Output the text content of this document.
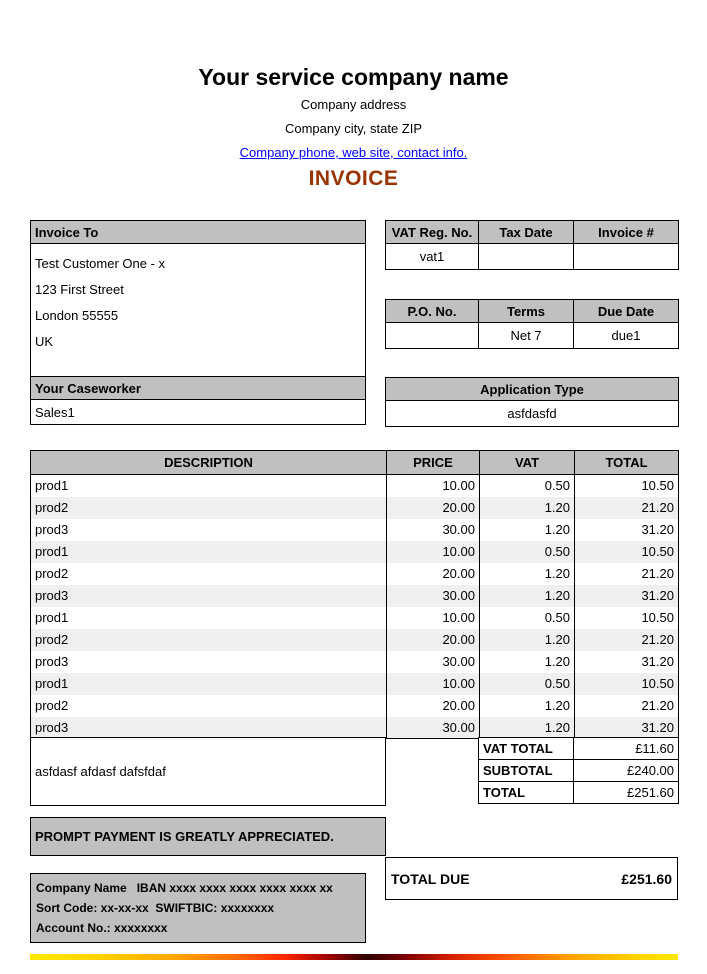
Your service company name
Company address
Company city, state ZIP
Company phone, web site, contact info.
INVOICE
Invoice To
Test Customer One - x
123 First Street
London 55555
UK
Your Caseworker
Sales1
VAT Reg. No.	Tax Date	Invoice #
vat1		
P.O. No.	Terms	Due Date
	Net 7	due1
Application Type
asfdasfd
DESCRIPTION	PRICE	VAT	TOTAL
prod1	10.00	0.50	10.50
prod2	20.00	1.20	21.20
prod3	30.00	1.20	31.20
prod1	10.00	0.50	10.50
prod2	20.00	1.20	21.20
prod3	30.00	1.20	31.20
prod1	10.00	0.50	10.50
prod2	20.00	1.20	21.20
prod3	30.00	1.20	31.20
prod1	10.00	0.50	10.50
prod2	20.00	1.20	21.20
prod3	30.00	1.20	31.20
asfdasf afdasf dafsfdaf
VAT TOTAL	£11.60
SUBTOTAL	£240.00
TOTAL	£251.60
PROMPT PAYMENT IS GREATLY APPRECIATED.
TOTAL DUE	£251.60
Company Name   IBAN xxxx xxxx xxxx xxxx xxxx xx
Sort Code: xx-xx-xx  SWIFTBIC: xxxxxxxx
Account No.: xxxxxxxx
